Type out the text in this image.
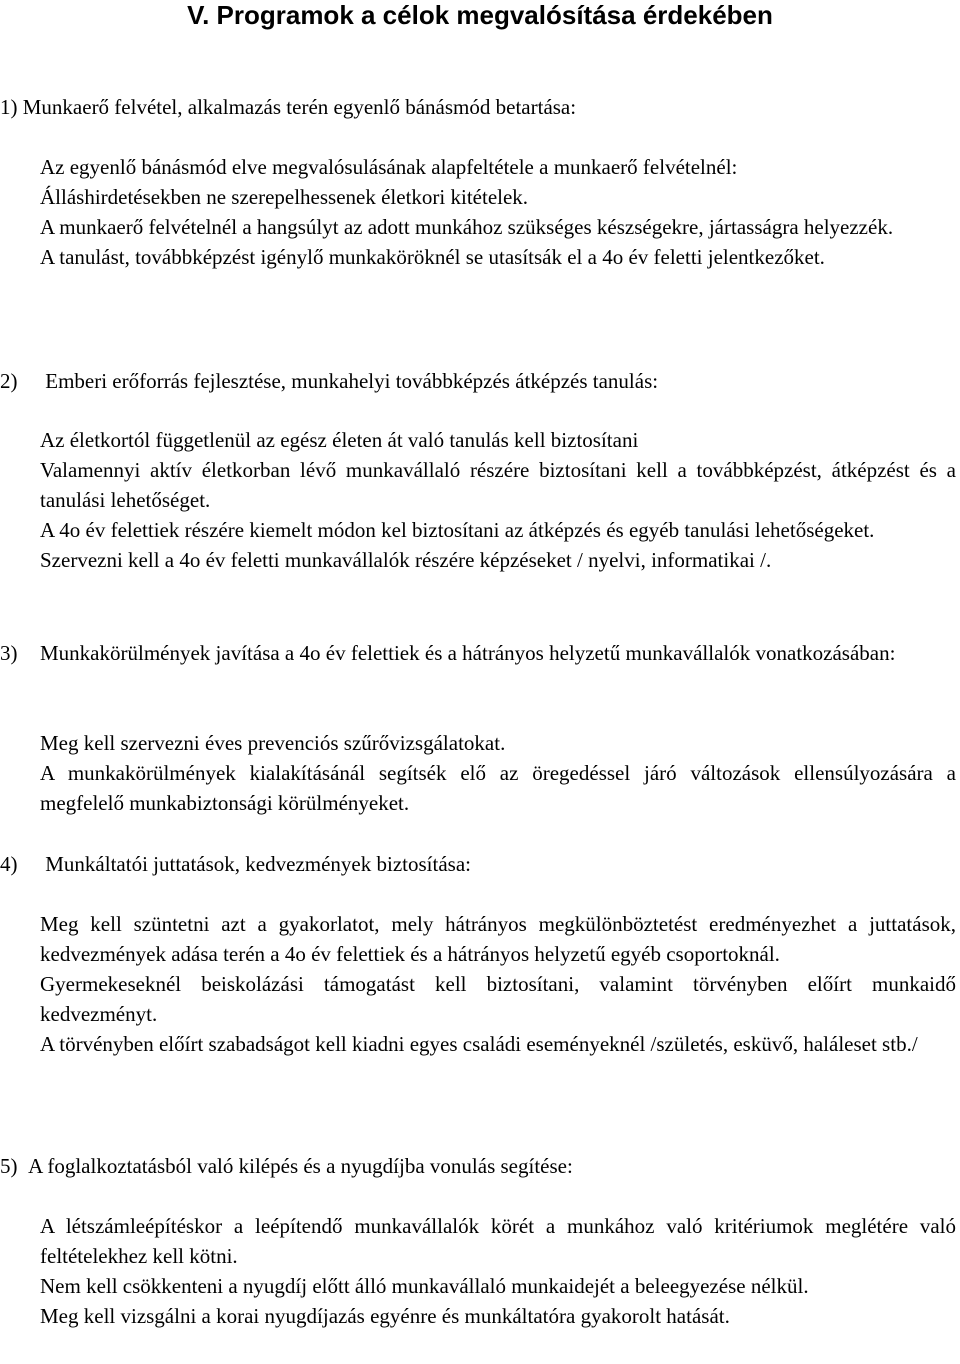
V. Programok a célok megvalósítása érdekében
1) Munkaerő felvétel, alkalmazás terén egyenlő bánásmód betartása:

Az egyenlő bánásmód elve megvalósulásának alapfeltétele a munkaerő felvételnél:

Álláshirdetésekben ne szerepelhessenek életkori kitételek.

A munkaerő felvételnél a hangsúlyt az adott munkához szükséges készségekre, jártasságra helyezzék.

A tanulást, továbbképzést igénylő munkaköröknél se utasítsák el a 4o év feletti jelentkezőket.

2) Emberi erőforrás fejlesztése, munkahelyi továbbképzés átképzés tanulás:

Az életkortól függetlenül az egész életen át való tanulás kell biztosítani

Valamennyi aktív életkorban lévő munkavállaló részére biztosítani kell a továbbképzést, átképzést és a tanulási lehetőséget.

A 4o év felettiek részére kiemelt módon kel biztosítani az átképzés és egyéb tanulási lehetőségeket.

Szervezni kell a 4o év feletti munkavállalók részére képzéseket / nyelvi, informatikai /.

3) Munkakörülmények javítása a 4o év felettiek és a hátrányos helyzetű munkavállalók vonatkozásában:

Meg kell szervezni éves prevenciós szűrővizsgálatokat.

A munkakörülmények kialakításánál segítsék elő az öregedéssel járó változások ellensúlyozására a megfelelő munkabiztonsági körülményeket.

4) Munkáltatói juttatások, kedvezmények biztosítása:

Meg kell szüntetni azt a gyakorlatot, mely hátrányos megkülönböztetést eredményezhet a juttatások, kedvezmények adása terén a 4o év felettiek és a hátrányos helyzetű egyéb csoportoknál.

Gyermekeseknél beiskolázási támogatást kell biztosítani, valamint törvényben előírt munkaidő kedvezményt.

A törvényben előírt szabadságot kell kiadni egyes családi eseményeknél /születés, esküvő, haláleset stb./

5) A foglalkoztatásból való kilépés és a nyugdíjba vonulás segítése:

A létszámleépítéskor a leépítendő munkavállalók körét a munkához való kritériumok meglétére való feltételekhez kell kötni.

Nem kell csökkenteni a nyugdíj előtt álló munkavállaló munkaidejét a beleegyezése nélkül.

Meg kell vizsgálni a korai nyugdíjazás egyénre és munkáltatóra gyakorolt hatását.
